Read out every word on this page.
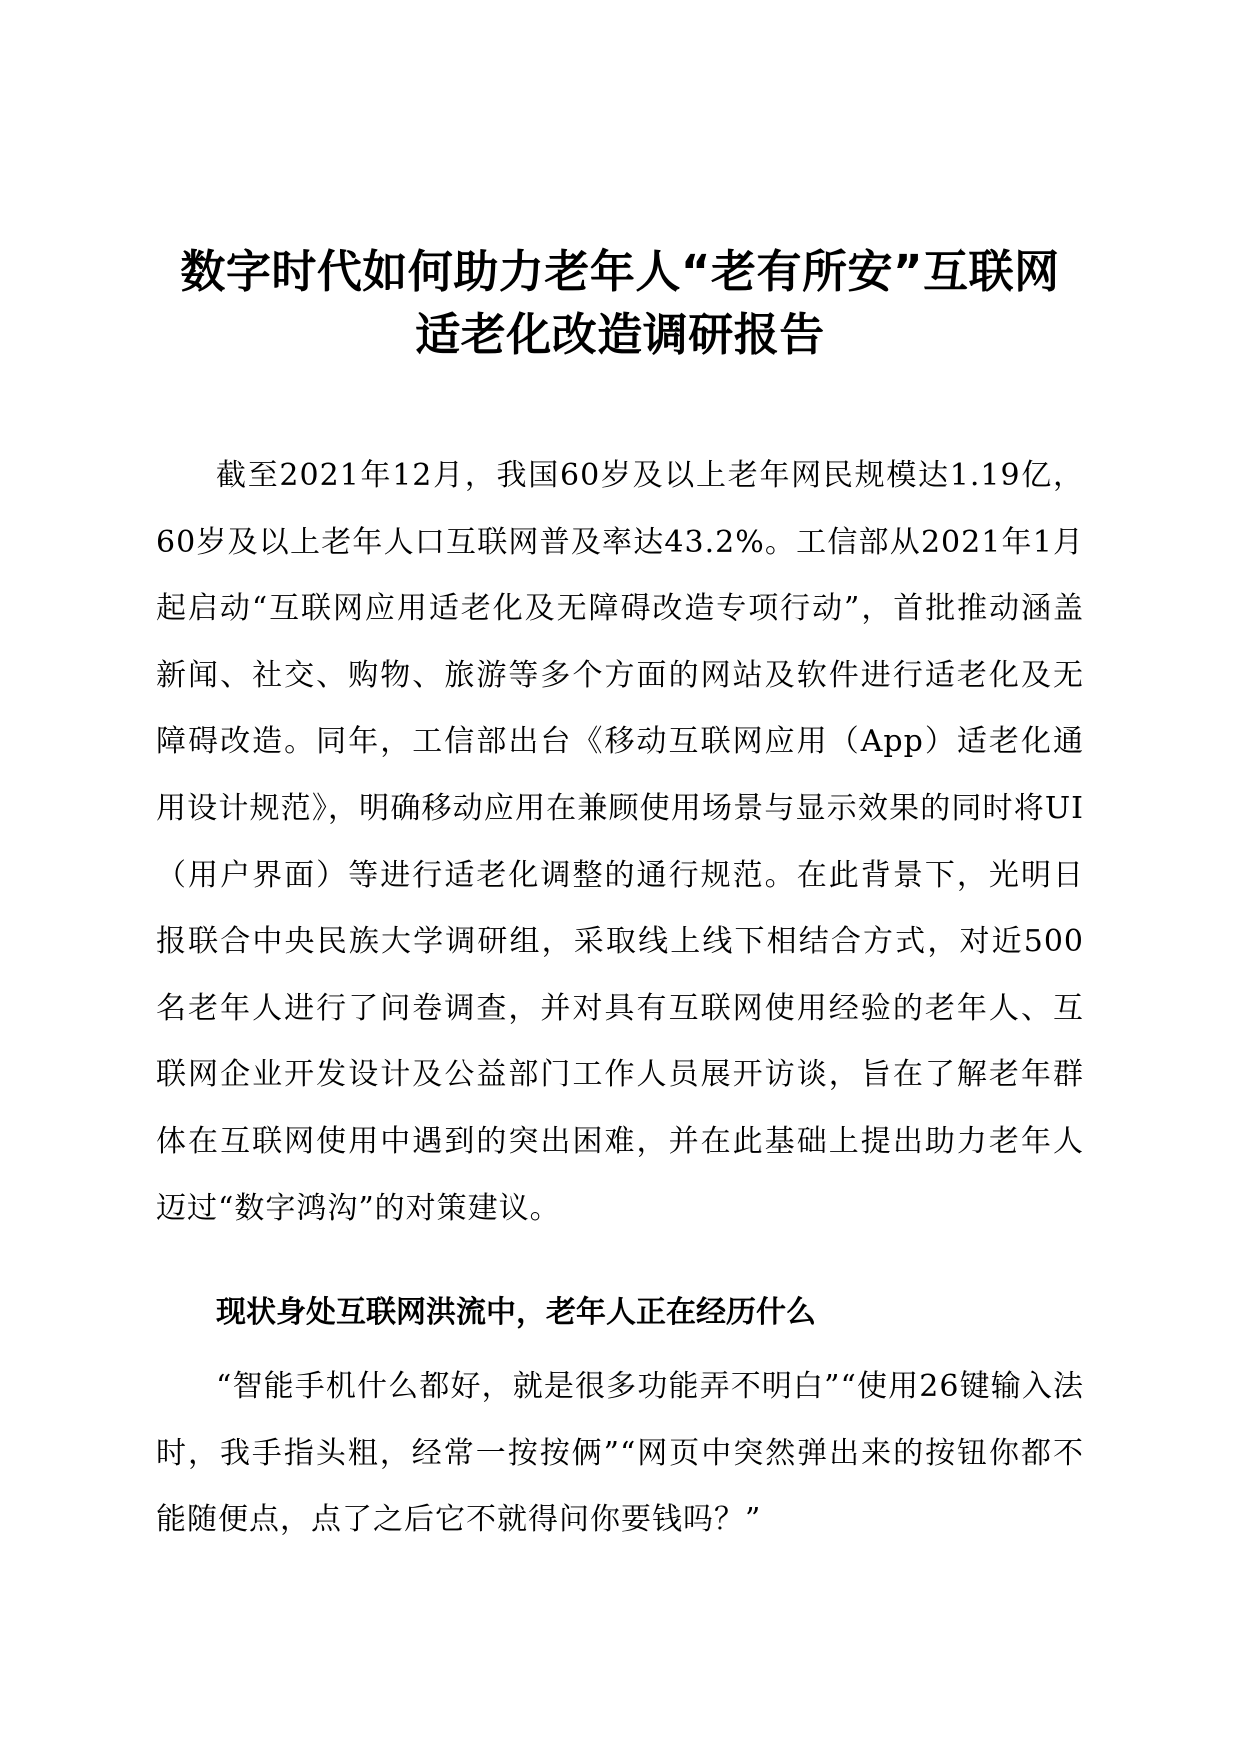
数字时代如何助力老年人“老有所安”互联网
适老化改造调研报告

截至2021年12月，我国60岁及以上老年网民规模达1.19亿，60岁及以上老年人口互联网普及率达43.2%。工信部从2021年1月起启动“互联网应用适老化及无障碍改造专项行动”，首批推动涵盖新闻、社交、购物、旅游等多个方面的网站及软件进行适老化及无障碍改造。同年，工信部出台《移动互联网应用（App）适老化通用设计规范》，明确移动应用在兼顾使用场景与显示效果的同时将UI（用户界面）等进行适老化调整的通行规范。在此背景下，光明日报联合中央民族大学调研组，采取线上线下相结合方式，对近500名老年人进行了问卷调查，并对具有互联网使用经验的老年人、互联网企业开发设计及公益部门工作人员展开访谈，旨在了解老年群体在互联网使用中遇到的突出困难，并在此基础上提出助力老年人迈过“数字鸿沟”的对策建议。

现状身处互联网洪流中，老年人正在经历什么

“智能手机什么都好，就是很多功能弄不明白”“使用26键输入法时，我手指头粗，经常一按按俩”“网页中突然弹出来的按钮你都不能随便点，点了之后它不就得问你要钱吗？”
